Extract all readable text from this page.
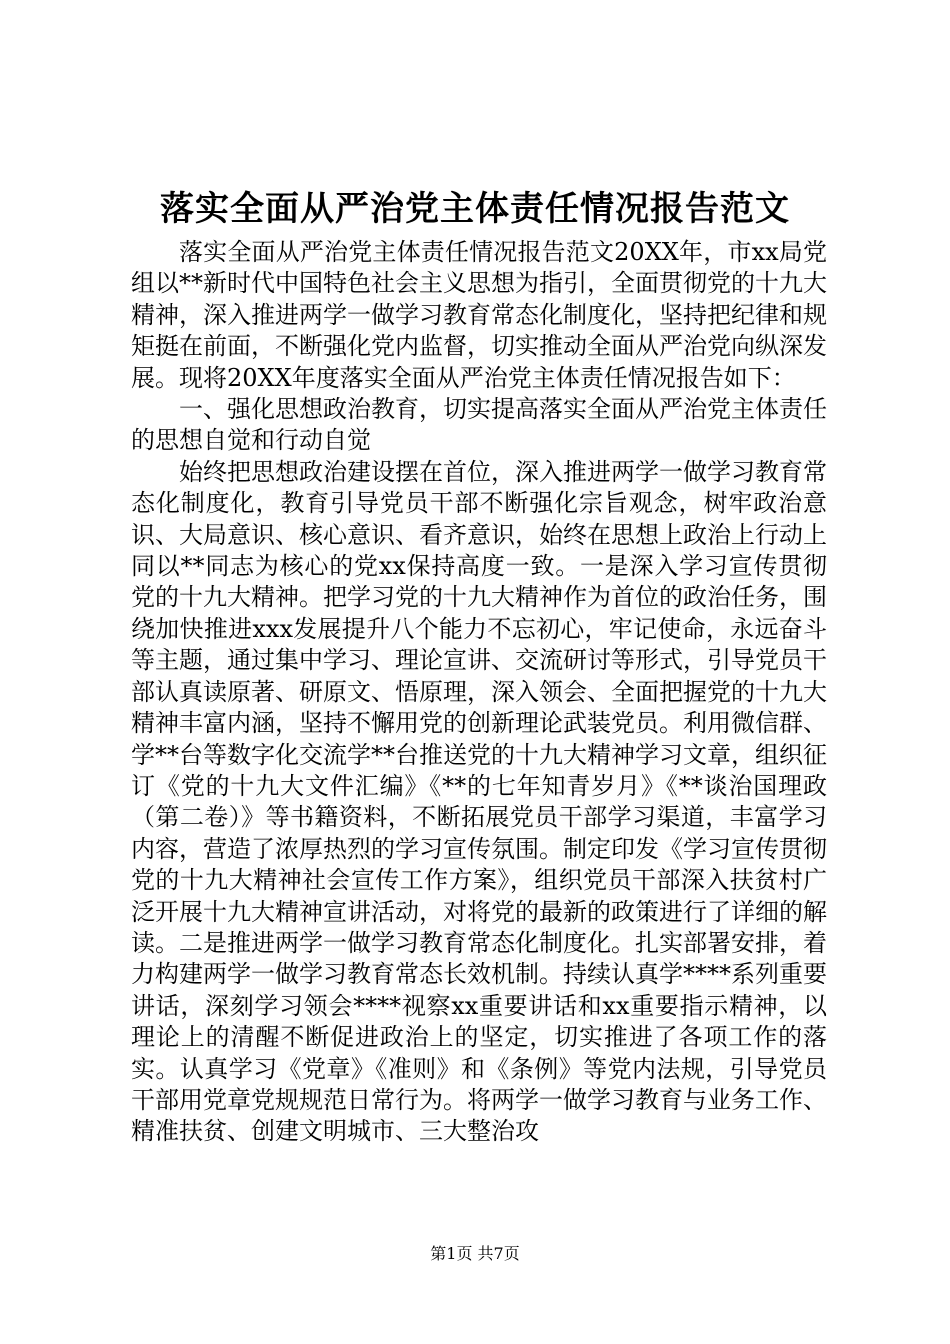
落实全面从严治党主体责任情况报告范文

落实全面从严治党主体责任情况报告范文20XX年，市xx局党组以**新时代中国特色社会主义思想为指引，全面贯彻党的十九大精神，深入推进两学一做学习教育常态化制度化，坚持把纪律和规矩挺在前面，不断强化党内监督，切实推动全面从严治党向纵深发展。现将20XX年度落实全面从严治党主体责任情况报告如下：

一、强化思想政治教育，切实提高落实全面从严治党主体责任的思想自觉和行动自觉

始终把思想政治建设摆在首位，深入推进两学一做学习教育常态化制度化，教育引导党员干部不断强化宗旨观念，树牢政治意识、大局意识、核心意识、看齐意识，始终在思想上政治上行动上同以**同志为核心的党xx保持高度一致。一是深入学习宣传贯彻党的十九大精神。把学习党的十九大精神作为首位的政治任务，围绕加快推进xxx发展提升八个能力不忘初心，牢记使命，永远奋斗等主题，通过集中学习、理论宣讲、交流研讨等形式，引导党员干部认真读原著、研原文、悟原理，深入领会、全面把握党的十九大精神丰富内涵，坚持不懈用党的创新理论武装党员。利用微信群、学**台等数字化交流学**台推送党的十九大精神学习文章，组织征订《党的十九大文件汇编》《**的七年知青岁月》《**谈治国理政（第二卷）》等书籍资料，不断拓展党员干部学习渠道，丰富学习内容，营造了浓厚热烈的学习宣传氛围。制定印发《学习宣传贯彻党的十九大精神社会宣传工作方案》，组织党员干部深入扶贫村广泛开展十九大精神宣讲活动，对将党的最新的政策进行了详细的解读。二是推进两学一做学习教育常态化制度化。扎实部署安排，着力构建两学一做学习教育常态长效机制。持续认真学****系列重要讲话，深刻学习领会****视察xx重要讲话和xx重要指示精神，以理论上的清醒不断促进政治上的坚定，切实推进了各项工作的落实。认真学习《党章》《准则》和《条例》等党内法规，引导党员干部用党章党规规范日常行为。将两学一做学习教育与业务工作、精准扶贫、创建文明城市、三大整治攻

第1页 共7页
